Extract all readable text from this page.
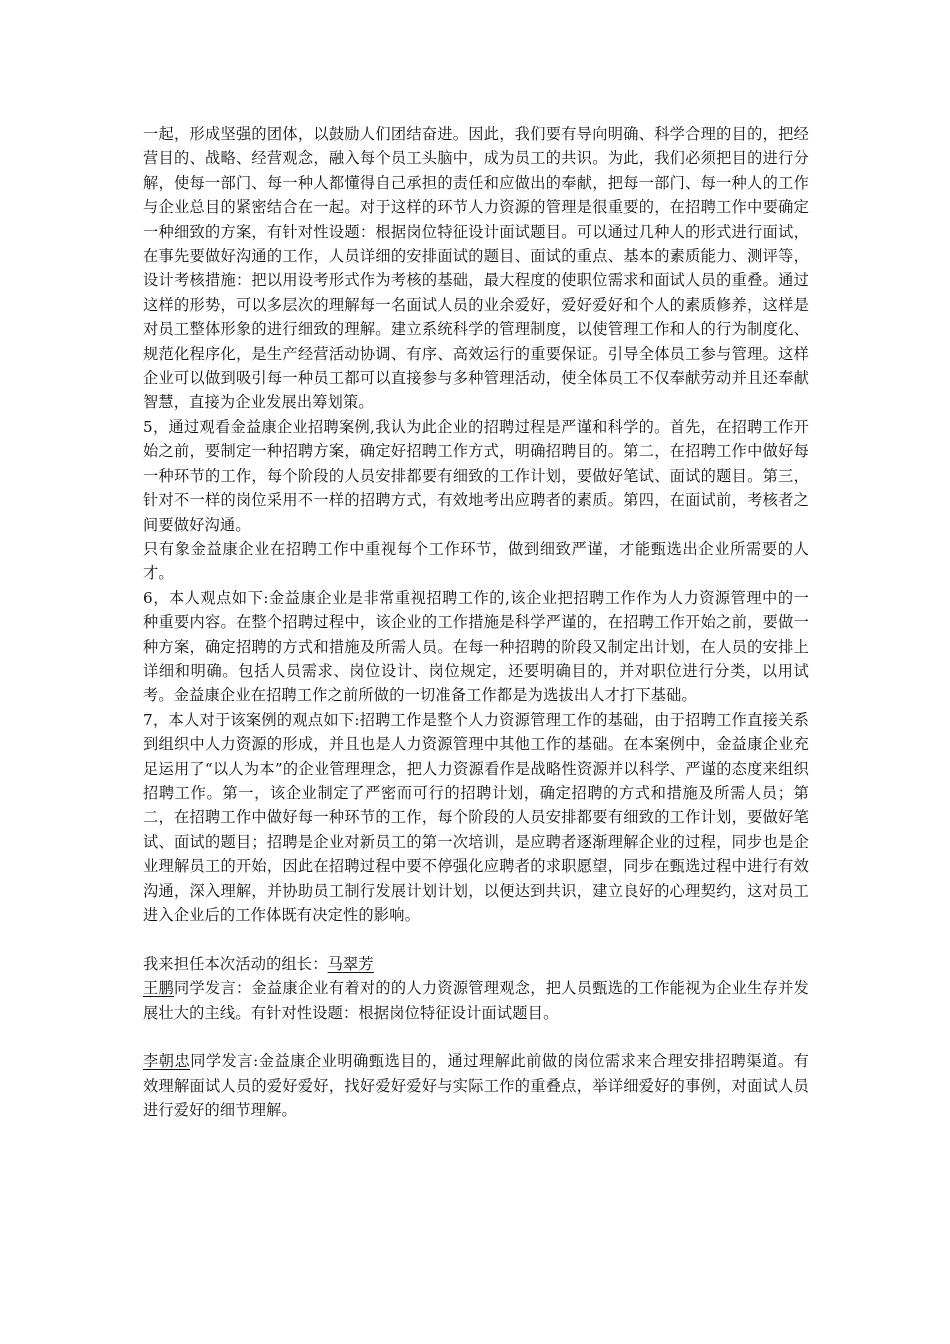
一起，形成坚强的团体，以鼓励人们团结奋进。因此，我们要有导向明确、科学合理的目的，把经营目的、战略、经营观念，融入每个员工头脑中，成为员工的共识。为此，我们必须把目的进行分解，使每一部门、每一种人都懂得自己承担的责任和应做出的奉献，把每一部门、每一种人的工作与企业总目的紧密结合在一起。对于这样的环节人力资源的管理是很重要的，在招聘工作中要确定一种细致的方案，有针对性设题：根据岗位特征设计面试题目。可以通过几种人的形式进行面试，在事先要做好沟通的工作，人员详细的安排面试的题目、面试的重点、基本的素质能力、测评等，设计考核措施：把以用设考形式作为考核的基础，最大程度的使职位需求和面试人员的重叠。通过这样的形势，可以多层次的理解每一名面试人员的业余爱好，爱好爱好和个人的素质修养，这样是对员工整体形象的进行细致的理解。建立系统科学的管理制度，以使管理工作和人的行为制度化、规范化程序化，是生产经营活动协调、有序、高效运行的重要保证。引导全体员工参与管理。这样企业可以做到吸引每一种员工都可以直接参与多种管理活动，使全体员工不仅奉献劳动并且还奉献智慧，直接为企业发展出筹划策。

5，通过观看金益康企业招聘案例,我认为此企业的招聘过程是严谨和科学的。首先，在招聘工作开始之前，要制定一种招聘方案，确定好招聘工作方式，明确招聘目的。第二，在招聘工作中做好每一种环节的工作，每个阶段的人员安排都要有细致的工作计划，要做好笔试、面试的题目。第三，针对不一样的岗位采用不一样的招聘方式，有效地考出应聘者的素质。第四，在面试前，考核者之间要做好沟通。

只有象金益康企业在招聘工作中重视每个工作环节，做到细致严谨，才能甄选出企业所需要的人才。

6，本人观点如下:金益康企业是非常重视招聘工作的,该企业把招聘工作作为人力资源管理中的一种重要内容。在整个招聘过程中，该企业的工作措施是科学严谨的，在招聘工作开始之前，要做一种方案，确定招聘的方式和措施及所需人员。在每一种招聘的阶段又制定出计划，在人员的安排上详细和明确。包括人员需求、岗位设计、岗位规定，还要明确目的，并对职位进行分类，以用试考。金益康企业在招聘工作之前所做的一切准备工作都是为选拔出人才打下基础。

7，本人对于该案例的观点如下:招聘工作是整个人力资源管理工作的基础，由于招聘工作直接关系到组织中人力资源的形成，并且也是人力资源管理中其他工作的基础。在本案例中，金益康企业充足运用了“以人为本”的企业管理理念，把人力资源看作是战略性资源并以科学、严谨的态度来组织招聘工作。第一，该企业制定了严密而可行的招聘计划，确定招聘的方式和措施及所需人员；第二，在招聘工作中做好每一种环节的工作，每个阶段的人员安排都要有细致的工作计划，要做好笔试、面试的题目；招聘是企业对新员工的第一次培训，是应聘者逐渐理解企业的过程，同步也是企业理解员工的开始，因此在招聘过程中要不停强化应聘者的求职愿望，同步在甄选过程中进行有效沟通，深入理解，并协助员工制行发展计划计划，以便达到共识，建立良好的心理契约，这对员工进入企业后的工作体既有决定性的影响。

我来担任本次活动的组长：马翠芳

王鹏同学发言：金益康企业有着对的的人力资源管理观念，把人员甄选的工作能视为企业生存并发展壮大的主线。有针对性设题：根据岗位特征设计面试题目。

李朝忠同学发言:金益康企业明确甄选目的，通过理解此前做的岗位需求来合理安排招聘渠道。有效理解面试人员的爱好爱好，找好爱好爱好与实际工作的重叠点，举详细爱好的事例，对面试人员进行爱好的细节理解。
